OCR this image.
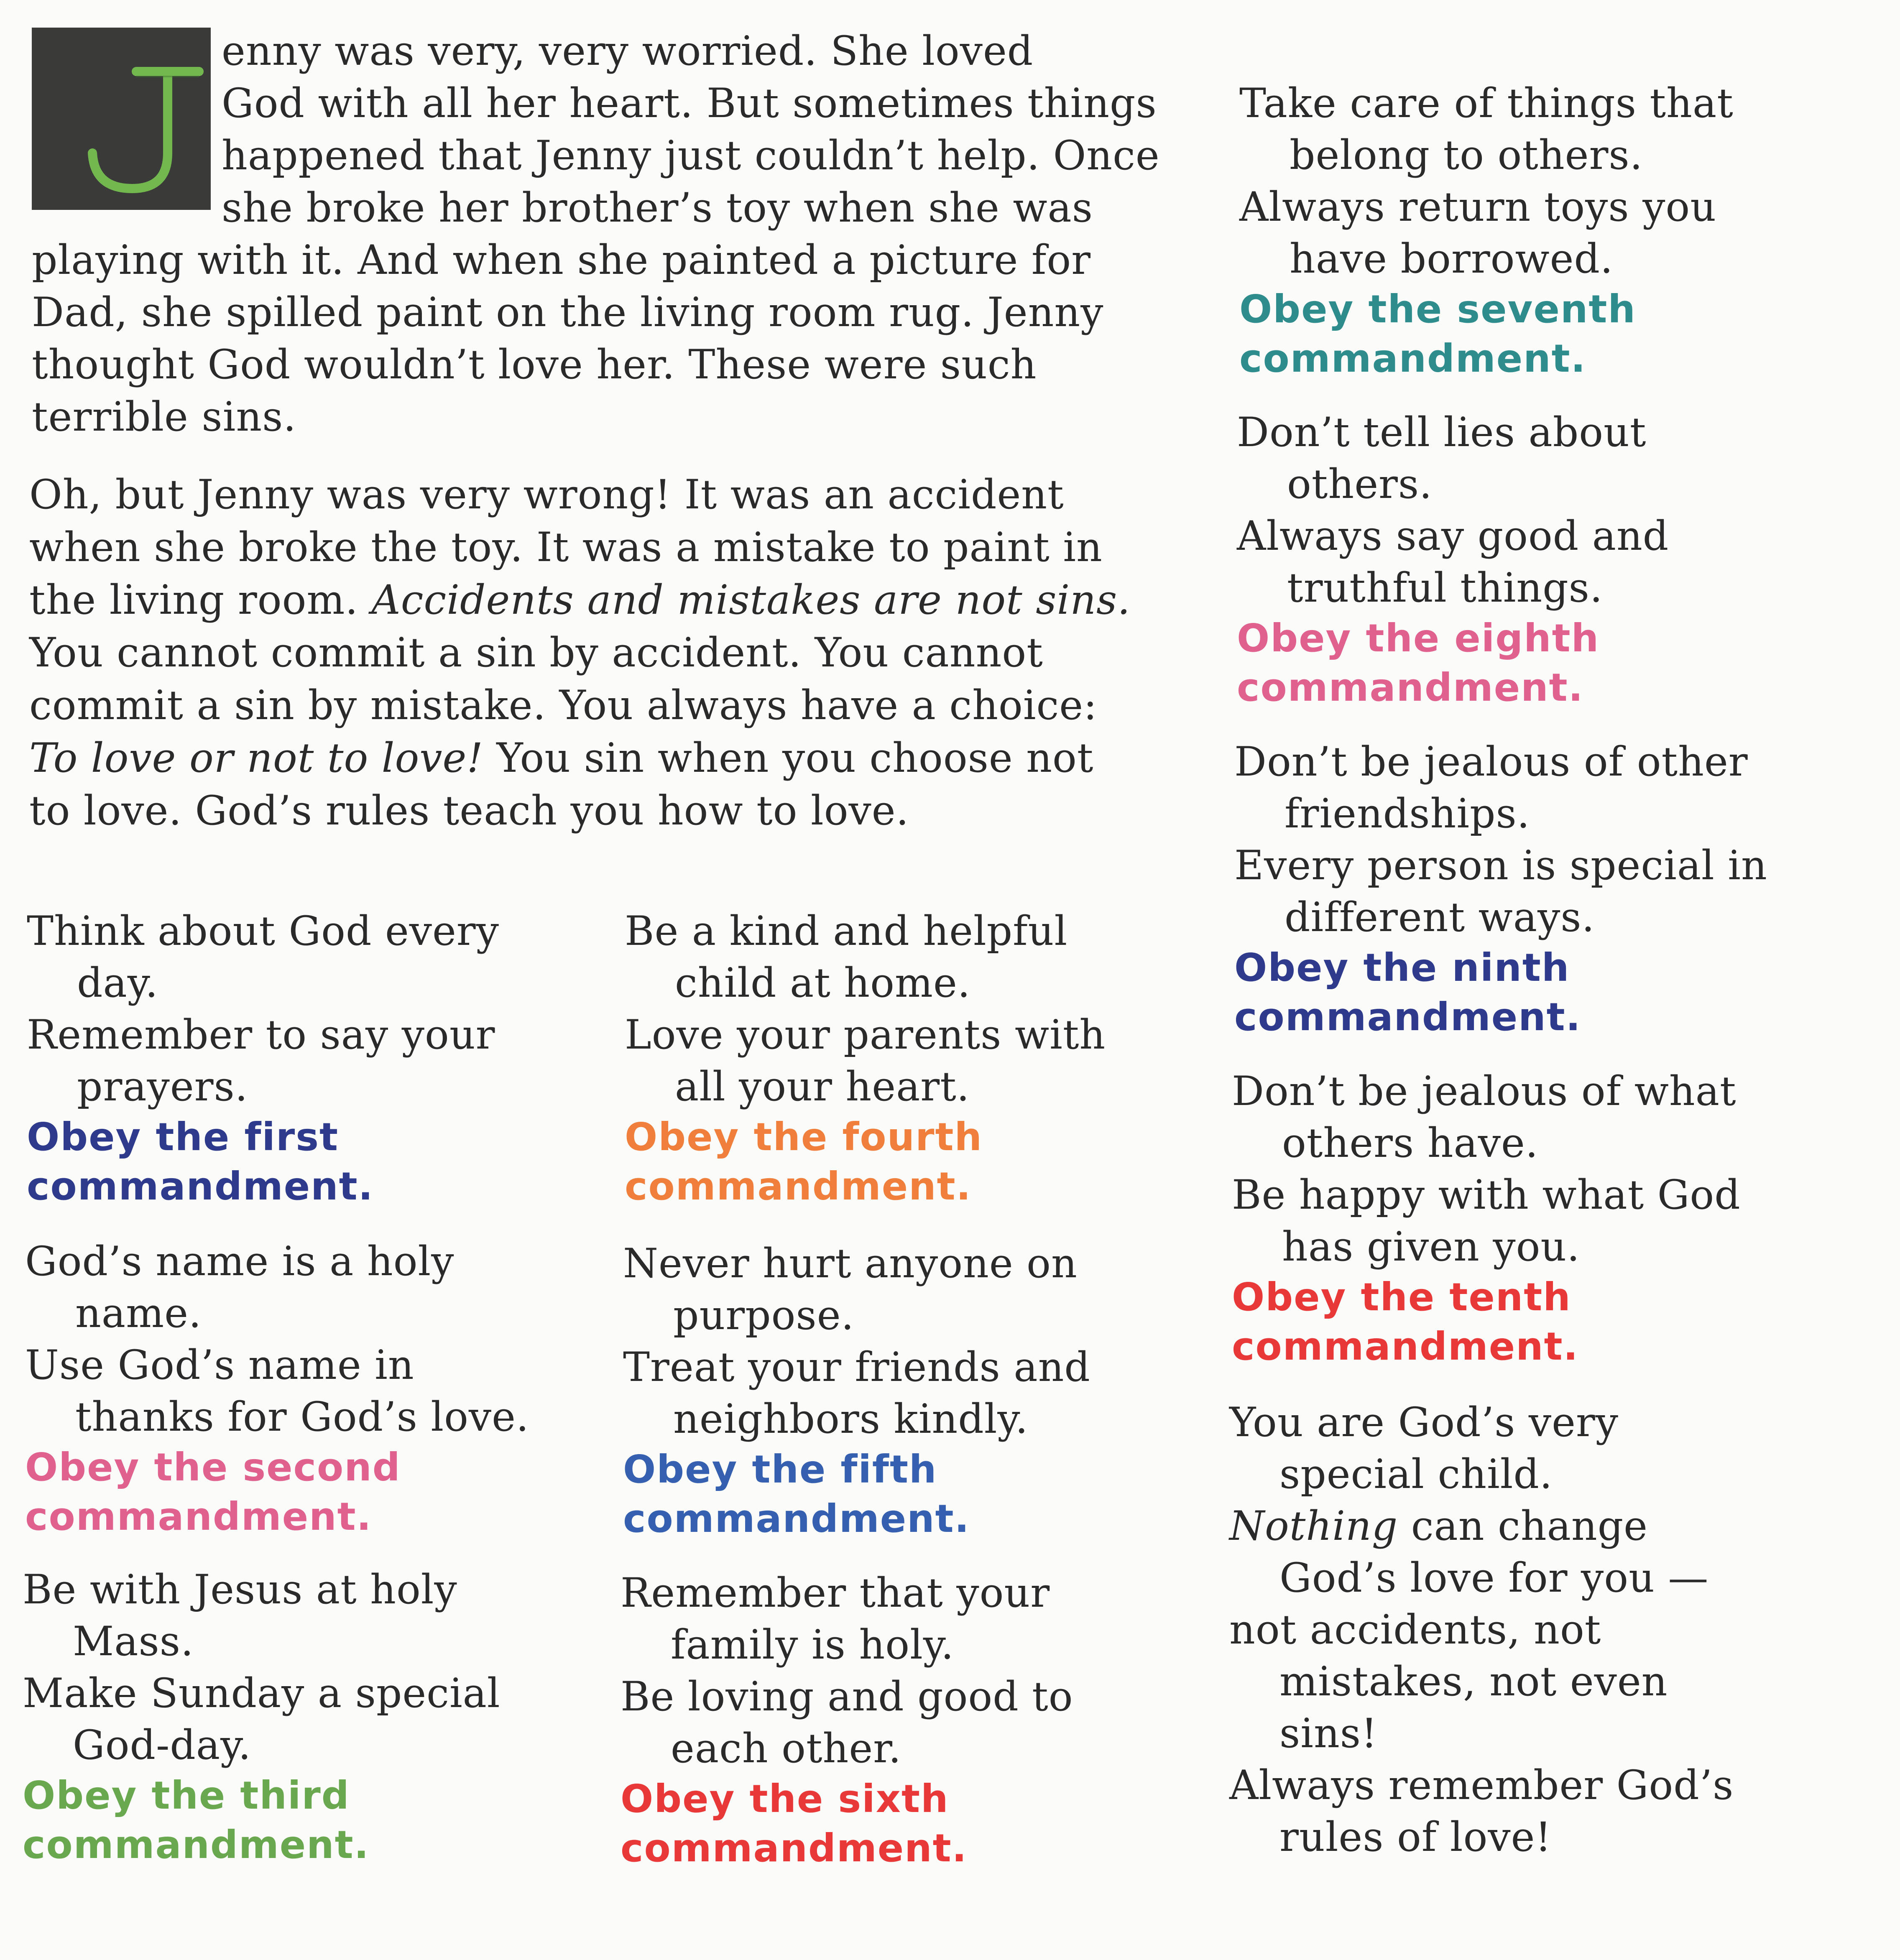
enny was very, very worried. She loved
God with all her heart. But sometimes things
happened that Jenny just couldn’t help. Once
she broke her brother’s toy when she was
playing with it. And when she painted a picture for
Dad, she spilled paint on the living room rug. Jenny
thought God wouldn’t love her. These were such
terrible sins.
Oh, but Jenny was very wrong! It was an accident
when she broke the toy. It was a mistake to paint in
the living room. Accidents and mistakes are not sins.
You cannot commit a sin by accident. You cannot
commit a sin by mistake. You always have a choice:
To love or not to love! You sin when you choose not
to love. God’s rules teach you how to love.
Think about God every
day.
Remember to say your
prayers.
Obey the first
commandment.
God’s name is a holy
name.
Use God’s name in
thanks for God’s love.
Obey the second
commandment.
Be with Jesus at holy
Mass.
Make Sunday a special
God-day.
Obey the third
commandment.
Be a kind and helpful
child at home.
Love your parents with
all your heart.
Obey the fourth
commandment.
Never hurt anyone on
purpose.
Treat your friends and
neighbors kindly.
Obey the fifth
commandment.
Remember that your
family is holy.
Be loving and good to
each other.
Obey the sixth
commandment.
Take care of things that
belong to others.
Always return toys you
have borrowed.
Obey the seventh
commandment.
Don’t tell lies about
others.
Always say good and
truthful things.
Obey the eighth
commandment.
Don’t be jealous of other
friendships.
Every person is special in
different ways.
Obey the ninth
commandment.
Don’t be jealous of what
others have.
Be happy with what God
has given you.
Obey the tenth
commandment.
You are God’s very
special child.
Nothing can change
God’s love for you —
not accidents, not
mistakes, not even
sins!
Always remember God’s
rules of love!
